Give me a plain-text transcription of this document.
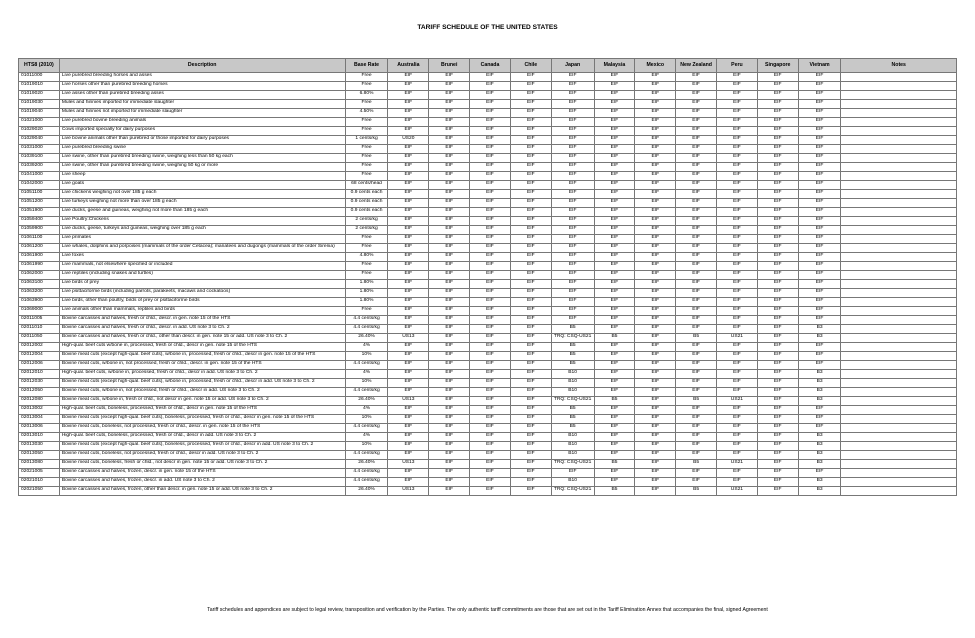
TARIFF SCHEDULE OF THE UNITED STATES
HTS8 (2010)	Description	Base Rate	Australia	Brunei	Canada	Chile	Japan	Malaysia	Mexico	New Zealand	Peru	Singapore	Vietnam	Notes
01011000	Live purebred breeding horses and asses	Free	EIF	EIF	EIF	EIF	EIF	EIF	EIF	EIF	EIF	EIF	EIF	
01019010	Live horses other than purebred breeding horses	Free	EIF	EIF	EIF	EIF	EIF	EIF	EIF	EIF	EIF	EIF	EIF	
01019020	Live asses other than purebred breeding asses	6.80%	EIF	EIF	EIF	EIF	EIF	EIF	EIF	EIF	EIF	EIF	EIF	
01019030	Mules and hinnies imported for immediate slaughter	Free	EIF	EIF	EIF	EIF	EIF	EIF	EIF	EIF	EIF	EIF	EIF	
01019040	Mules and hinnies not imported for immediate slaughter	4.50%	EIF	EIF	EIF	EIF	EIF	EIF	EIF	EIF	EIF	EIF	EIF	
01021000	Live purebred bovine breeding animals	Free	EIF	EIF	EIF	EIF	EIF	EIF	EIF	EIF	EIF	EIF	EIF	
01029020	Cows imported specially for dairy purposes	Free	EIF	EIF	EIF	EIF	EIF	EIF	EIF	EIF	EIF	EIF	EIF	
01029040	Live bovine animals other than purebred or those imported for dairy purposes	1 cents/kg	US20	EIF	EIF	EIF	EIF	EIF	EIF	EIF	EIF	EIF	EIF	
01031000	Live purebred breeding swine	Free	EIF	EIF	EIF	EIF	EIF	EIF	EIF	EIF	EIF	EIF	EIF	
01039100	Live swine, other than purebred breeding swine, weighing less than 50 kg each	Free	EIF	EIF	EIF	EIF	EIF	EIF	EIF	EIF	EIF	EIF	EIF	
01039200	Live swine, other than purebred breeding swine, weighing 50 kg or more	Free	EIF	EIF	EIF	EIF	EIF	EIF	EIF	EIF	EIF	EIF	EIF	
01041000	Live sheep	Free	EIF	EIF	EIF	EIF	EIF	EIF	EIF	EIF	EIF	EIF	EIF	
01042000	Live goats	68 cents/head	EIF	EIF	EIF	EIF	EIF	EIF	EIF	EIF	EIF	EIF	EIF	
01051100	Live chickens weighing not over 185 g each	0.9 cents each	EIF	EIF	EIF	EIF	EIF	EIF	EIF	EIF	EIF	EIF	EIF	
01051200	Live turkeys weighing not more than over 185 g each	0.9 cents each	EIF	EIF	EIF	EIF	EIF	EIF	EIF	EIF	EIF	EIF	EIF	
01051900	Live ducks, geese and guineas, weighing not more than 185 g each	0.9 cents each	EIF	EIF	EIF	EIF	EIF	EIF	EIF	EIF	EIF	EIF	EIF	
01059400	Live Poultry:Chickens	2 cents/kg	EIF	EIF	EIF	EIF	EIF	EIF	EIF	EIF	EIF	EIF	EIF	
01059900	Live ducks, geese, turkeys and guineas, weighing over 185 g each	2 cents/kg	EIF	EIF	EIF	EIF	EIF	EIF	EIF	EIF	EIF	EIF	EIF	
01061100	Live primates	Free	EIF	EIF	EIF	EIF	EIF	EIF	EIF	EIF	EIF	EIF	EIF	
01061200	Live whales, dolphins and porpoises (mammals of the order Cetacea); manatees and dugongs (mammals of the order Sirenia)	Free	EIF	EIF	EIF	EIF	EIF	EIF	EIF	EIF	EIF	EIF	EIF	
01061900	Live foxes	4.80%	EIF	EIF	EIF	EIF	EIF	EIF	EIF	EIF	EIF	EIF	EIF	
01061990	Live mammals, not elsewhere specified or included	Free	EIF	EIF	EIF	EIF	EIF	EIF	EIF	EIF	EIF	EIF	EIF	
01062000	Live reptiles (including snakes and turtles)	Free	EIF	EIF	EIF	EIF	EIF	EIF	EIF	EIF	EIF	EIF	EIF	
01063100	Live birds of prey	1.80%	EIF	EIF	EIF	EIF	EIF	EIF	EIF	EIF	EIF	EIF	EIF	
01063200	Live psittaciforme birds (including parrots, parakeets, macaws and cockatoos)	1.80%	EIF	EIF	EIF	EIF	EIF	EIF	EIF	EIF	EIF	EIF	EIF	
01063900	Live birds, other than poultry, birds of prey or psittaciforme birds	1.80%	EIF	EIF	EIF	EIF	EIF	EIF	EIF	EIF	EIF	EIF	EIF	
01069000	Live animals other than mammals, reptiles and birds	Free	EIF	EIF	EIF	EIF	EIF	EIF	EIF	EIF	EIF	EIF	EIF	
02011005	Bovine carcasses and halves, fresh or chld., descr. in gen. note 15 of the HTS	4.4 cents/kg	EIF	EIF	EIF	EIF	EIF	EIF	EIF	EIF	EIF	EIF	EIF	
02011010	Bovine carcasses and halves, fresh or chld., descr. in add. US note 3 to Ch. 2	4.4 cents/kg	EIF	EIF	EIF	EIF	B5	EIF	EIF	EIF	EIF	EIF	B3	
02011050	Bovine carcasses and halves, fresh or chld., other than descr. in gen. note 15 or add. US note 3 to Ch. 2	26.40%	US13	EIF	EIF	EIF	TRQ: CSQ-US21	B5	EIF	B5	US21	EIF	B3	
02012002	High-qual. beef cuts w/bone in, processed, fresh or chld., descr in gen. note 15 of the HTS	4%	EIF	EIF	EIF	EIF	B5	EIF	EIF	EIF	EIF	EIF	EIF	
02012004	Bovine meat cuts (except high-qual. beef cuts), w/bone in, processed, fresh or chld., descr in gen. note 15 of the HTS	10%	EIF	EIF	EIF	EIF	B5	EIF	EIF	EIF	EIF	EIF	EIF	
02012006	Bovine meat cuts, w/bone in, not processed, fresh or chld., descr. in gen. note 15 of the HTS	4.4 cents/kg	EIF	EIF	EIF	EIF	B5	EIF	EIF	EIF	EIF	EIF	EIF	
02012010	High-qual. beef cuts, w/bone in, processed, fresh or chld., descr in add. US note 3 to Ch. 2	4%	EIF	EIF	EIF	EIF	B10	EIF	EIF	EIF	EIF	EIF	B3	
02012030	Bovine meat cuts (except high-qual. beef cuts), w/bone in, processed, fresh or chld., descr in add. US note 3 to Ch. 2	10%	EIF	EIF	EIF	EIF	B10	EIF	EIF	EIF	EIF	EIF	B3	
02012050	Bovine meat cuts, w/bone in, not processed, fresh or chld., descr in add. US note 3 to Ch. 2	4.4 cents/kg	EIF	EIF	EIF	EIF	B10	EIF	EIF	EIF	EIF	EIF	B3	
02012080	Bovine meat cuts, w/bone in, fresh or chld., not descr in gen. note 15 or add. US note 3 to Ch. 2	26.40%	US13	EIF	EIF	EIF	TRQ: CSQ-US21	B5	EIF	B5	US21	EIF	B3	
02013002	High-qual. beef cuts, boneless, processed, fresh or chld., descr in gen. note 15 of the HTS	4%	EIF	EIF	EIF	EIF	B5	EIF	EIF	EIF	EIF	EIF	EIF	
02013004	Bovine meat cuts (except high-qual. beef cuts), boneless, processed, fresh or chld., descr in gen. note 15 of the HTS	10%	EIF	EIF	EIF	EIF	B5	EIF	EIF	EIF	EIF	EIF	EIF	
02013006	Bovine meat cuts, boneless, not processed, fresh or chld., descr. in gen. note 15 of the HTS	4.4 cents/kg	EIF	EIF	EIF	EIF	B5	EIF	EIF	EIF	EIF	EIF	EIF	
02013010	High-qual. beef cuts, boneless, processed, fresh or chld., descr in add. US note 3 to Ch. 2	4%	EIF	EIF	EIF	EIF	B10	EIF	EIF	EIF	EIF	EIF	B3	
02013030	Bovine meat cuts (except high-qual. beef cuts), boneless, processed, fresh or chld., descr in add. US note 3 to Ch. 2	10%	EIF	EIF	EIF	EIF	B10	EIF	EIF	EIF	EIF	EIF	B3	
02013050	Bovine meat cuts, boneless, not processed, fresh or chld., descr in add. US note 3 to Ch. 2	4.4 cents/kg	EIF	EIF	EIF	EIF	B10	EIF	EIF	EIF	EIF	EIF	B3	
02013080	Bovine meat cuts, boneless, fresh or chld., not descr in gen. note 15 or add. US note 3 to Ch. 2	26.40%	US13	EIF	EIF	EIF	TRQ: CSQ-US21	B5	EIF	B5	US21	EIF	B3	
02021005	Bovine carcasses and halves, frozen, descr. in gen. note 15 of the HTS	4.4 cents/kg	EIF	EIF	EIF	EIF	EIF	EIF	EIF	EIF	EIF	EIF	EIF	
02021010	Bovine carcasses and halves, frozen, descr. in add. US note 3 to Ch. 2	4.4 cents/kg	EIF	EIF	EIF	EIF	B10	EIF	EIF	EIF	EIF	EIF	B3	
02021050	Bovine carcasses and halves, frozen, other than descr. in gen. note 15 or add. US note 3 to Ch. 2	26.40%	US13	EIF	EIF	EIF	TRQ: CSQ-US21	B5	EIF	B5	US21	EIF	B3	
Tariff schedules and appendices are subject to legal review, transposition and verification by the Parties. The only authentic tariff commitments are those that are set out in the Tariff Elimination Annex that accompanies the final, signed Agreement
